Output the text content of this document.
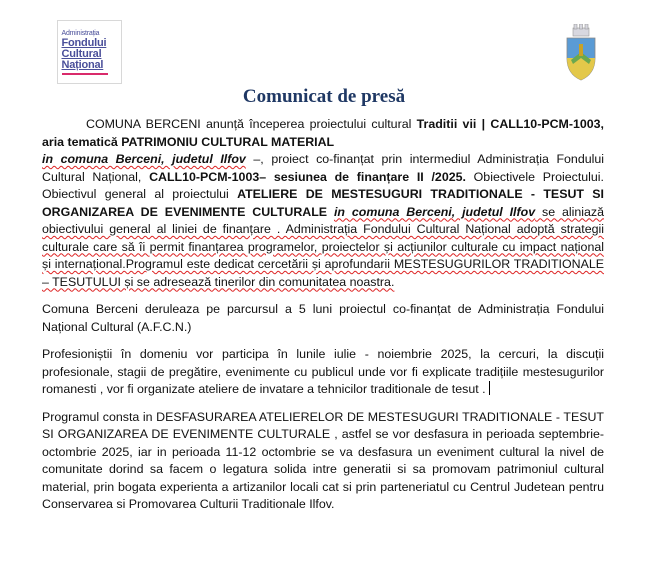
Administrația
Fondului
Cultural
Național
Comunicat de presă

COMUNA BERCENI anunță începerea proiectului cultural Traditii vii | CALL10-PCM-1003, aria tematică PATRIMONIU CULTURAL MATERIAL
in comuna Berceni, judetul Ilfov –, proiect co-finanțat prin intermediul Administrația Fondului Cultural Național, CALL10-PCM-1003– sesiunea de finanțare II /2025. Obiectivele Proiectului. Obiectivul general al proiectului ATELIERE DE MESTESUGURI TRADITIONALE - TESUT SI ORGANIZAREA DE EVENIMENTE CULTURALE in comuna Berceni, judetul Ilfov se aliniază obiectivului general al liniei de finanțare . Administrația Fondului Cultural Național adoptă strategii culturale care să îi permit finanțarea programelor, proiectelor și acțiunilor culturale cu impact național și internațional.Programul este dedicat cercetării și aprofundarii MESTESUGURILOR TRADITIONALE – TESUTULUI și se adresează tinerilor din comunitatea noastra.

Comuna Berceni deruleaza pe parcursul a 5 luni proiectul co-finanțat de Administrația Fondului Național Cultural (A.F.C.N.)

Profesioniștii în domeniu vor participa în lunile iulie - noiembrie 2025, la cercuri, la discuții profesionale, stagii de pregătire, evenimente cu publicul unde vor fi explicate tradițiile mestesugurilor romanesti , vor fi organizate ateliere de invatare a tehnicilor traditionale de tesut .

Programul consta in DESFASURAREA ATELIERELOR DE MESTESUGURI TRADITIONALE - TESUT SI ORGANIZAREA DE EVENIMENTE CULTURALE , astfel se vor desfasura in perioada septembrie-octombrie 2025, iar in perioada 11-12 octombrie se va desfasura un eveniment cultural la nivel de comunitate dorind sa facem o legatura solida intre generatii si sa promovam patrimoniul cultural material, prin bogata experienta a artizanilor locali cat si prin parteneriatul cu Centrul Judetean pentru Conservarea si Promovarea Culturii Traditionale Ilfov.
